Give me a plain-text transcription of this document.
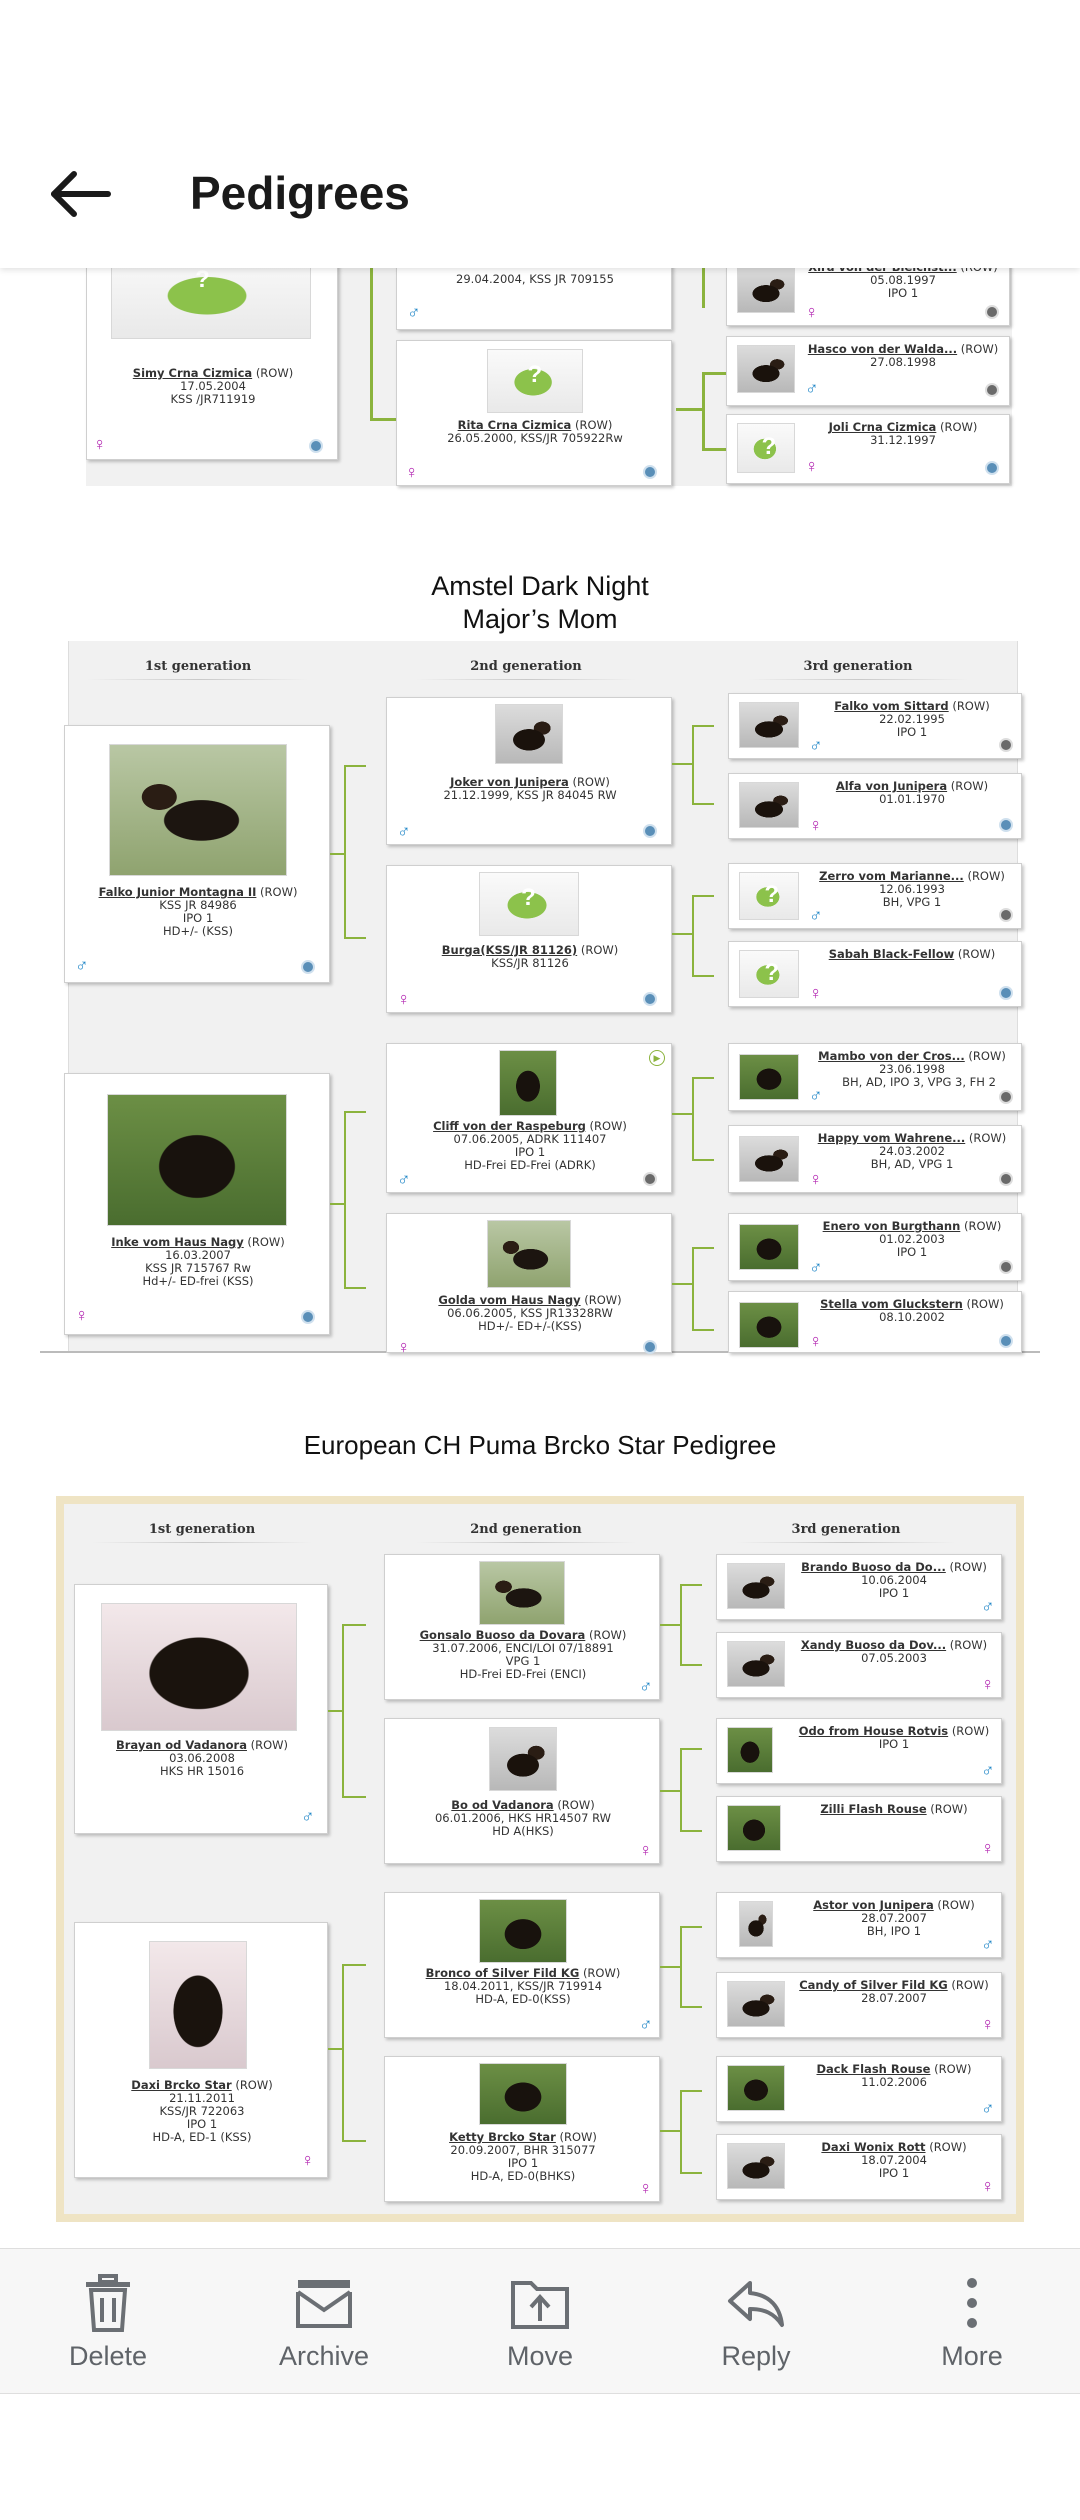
Pedigrees
?
Simy Crna Cizmica (ROW)
17.05.2004
KSS /JR711919
♀
29.04.2004, KSS JR 709155
♂
?
Rita Crna Cizmica (ROW)
26.05.2000, KSS/JR 705922Rw
♀

05.08.1997
IPO 1
♀
Hasco von der Walda... (ROW)
27.08.1998
♂
?
Joli Crna Cizmica (ROW)
31.12.1997
♀
Amstel Dark Night
Major’s Mom
1st generation	2nd generation	3rd generation
Falko Junior Montagna II (ROW)
KSS JR 84986
IPO 1
HD+/- (KSS)
♂
Inke vom Haus Nagy (ROW)
16.03.2007
KSS JR 715767 Rw
Hd+/- ED-frei (KSS)
♀
Joker von Junipera (ROW)
21.12.1999, KSS JR 84045 RW
♂
?
Burga(KSS/JR 81126) (ROW)
KSS/JR 81126
♀
Cliff von der Raspeburg (ROW)
07.06.2005, ADRK 111407
IPO 1
HD-Frei ED-Frei (ADRK)
♂
▶
Golda vom Haus Nagy (ROW)
06.06.2005, KSS JR13328RW
HD+/- ED+/-(KSS)
♀
Falko vom Sittard (ROW)
22.02.1995
IPO 1
♂
Alfa von Junipera (ROW)
01.01.1970
♀
?
Zerro vom Marianne... (ROW)
12.06.1993
BH, VPG 1
♂
?
Sabah Black-Fellow (ROW)
♀
Mambo von der Cros... (ROW)
23.06.1998
BH, AD, IPO 3, VPG 3, FH 2
♂
Happy vom Wahrene... (ROW)
24.03.2002
BH, AD, VPG 1
♀
Enero von Burgthann (ROW)
01.02.2003
IPO 1
♂
Stella vom Gluckstern (ROW)
08.10.2002
♀
European CH Puma Brcko Star Pedigree
1st generation	2nd generation	3rd generation
Brayan od Vadanora (ROW)
03.06.2008
HKS HR 15016
♂
Daxi Brcko Star (ROW)
21.11.2011
KSS/JR 722063
IPO 1
HD-A, ED-1 (KSS)
♀
Gonsalo Buoso da Dovara (ROW)
31.07.2006, ENCI/LOI 07/18891
VPG 1
HD-Frei ED-Frei (ENCI)
♂
Bo od Vadanora (ROW)
06.01.2006, HKS HR14507 RW
HD A(HKS)
♀
Bronco of Silver Fild KG (ROW)
18.04.2011, KSS/JR 719914
HD-A, ED-0(KSS)
♂
Ketty Brcko Star (ROW)
20.09.2007, BHR 315077
IPO 1
HD-A, ED-0(BHKS)
♀
Brando Buoso da Do... (ROW)
10.06.2004
IPO 1
♂
Xandy Buoso da Dov... (ROW)
07.05.2003
♀
Odo from House Rotvis (ROW)
IPO 1
♂
Zilli Flash Rouse (ROW)
♀
Astor von Junipera (ROW)
28.07.2007
BH, IPO 1
♂
Candy of Silver Fild KG (ROW)
28.07.2007
♀
Dack Flash Rouse (ROW)
11.02.2006
♂
Daxi Wonix Rott (ROW)
18.07.2004
IPO 1
♀
Delete	Archive	Move	Reply	More
